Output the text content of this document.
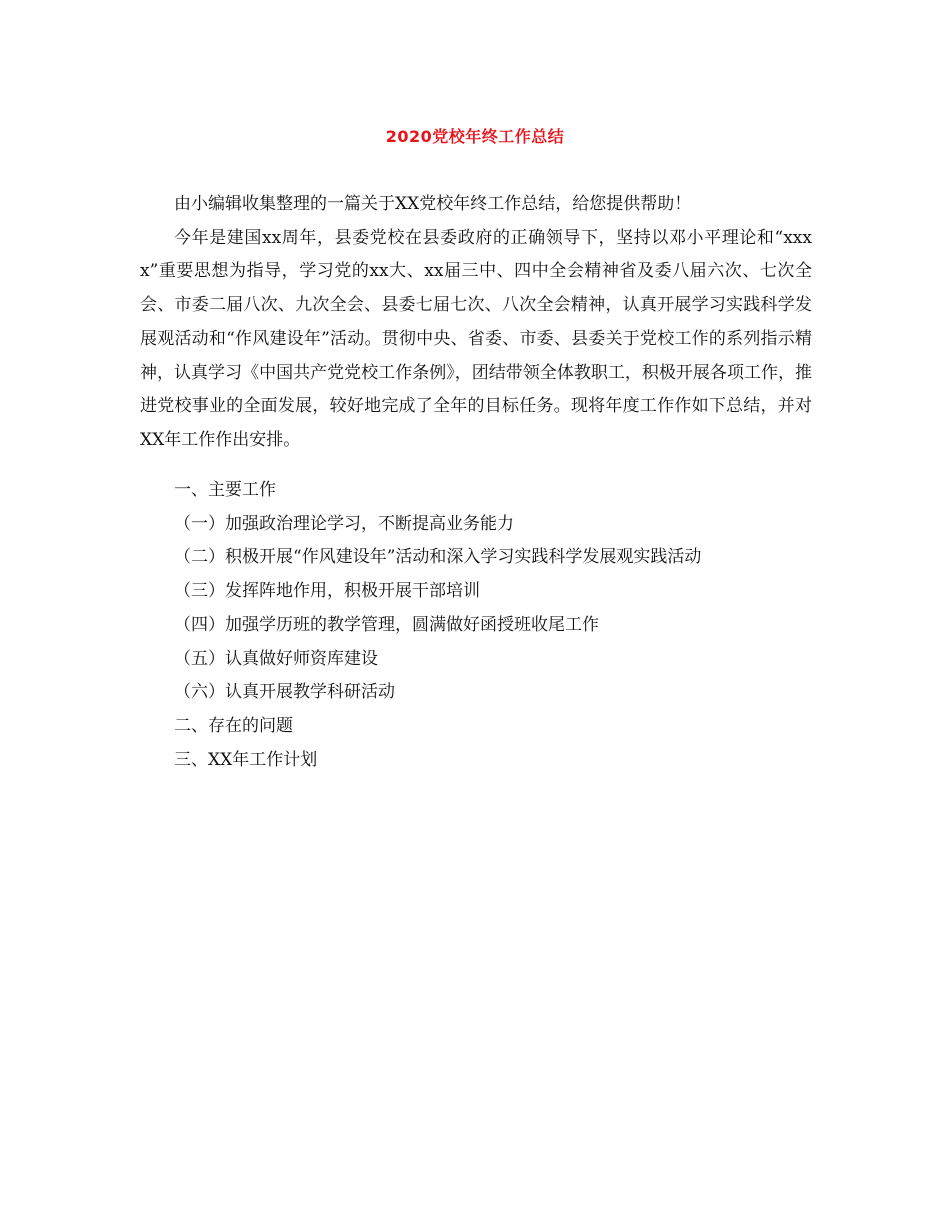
2020党校年终工作总结

由小编辑收集整理的一篇关于XX党校年终工作总结，给您提供帮助！

今年是建国xx周年，县委党校在县委政府的正确领导下，坚持以邓小平理论和“xxxx”重要思想为指导，学习党的xx大、xx届三中、四中全会精神省及委八届六次、七次全会、市委二届八次、九次全会、县委七届七次、八次全会精神，认真开展学习实践科学发展观活动和“作风建设年”活动。贯彻中央、省委、市委、县委关于党校工作的系列指示精神，认真学习《中国共产党党校工作条例》，团结带领全体教职工，积极开展各项工作，推进党校事业的全面发展，较好地完成了全年的目标任务。现将年度工作作如下总结，并对XX年工作作出安排。

一、主要工作
（一）加强政治理论学习，不断提高业务能力
（二）积极开展“作风建设年”活动和深入学习实践科学发展观实践活动
（三）发挥阵地作用，积极开展干部培训
（四）加强学历班的教学管理，圆满做好函授班收尾工作
（五）认真做好师资库建设
（六）认真开展教学科研活动
二、存在的问题
三、XX年工作计划
